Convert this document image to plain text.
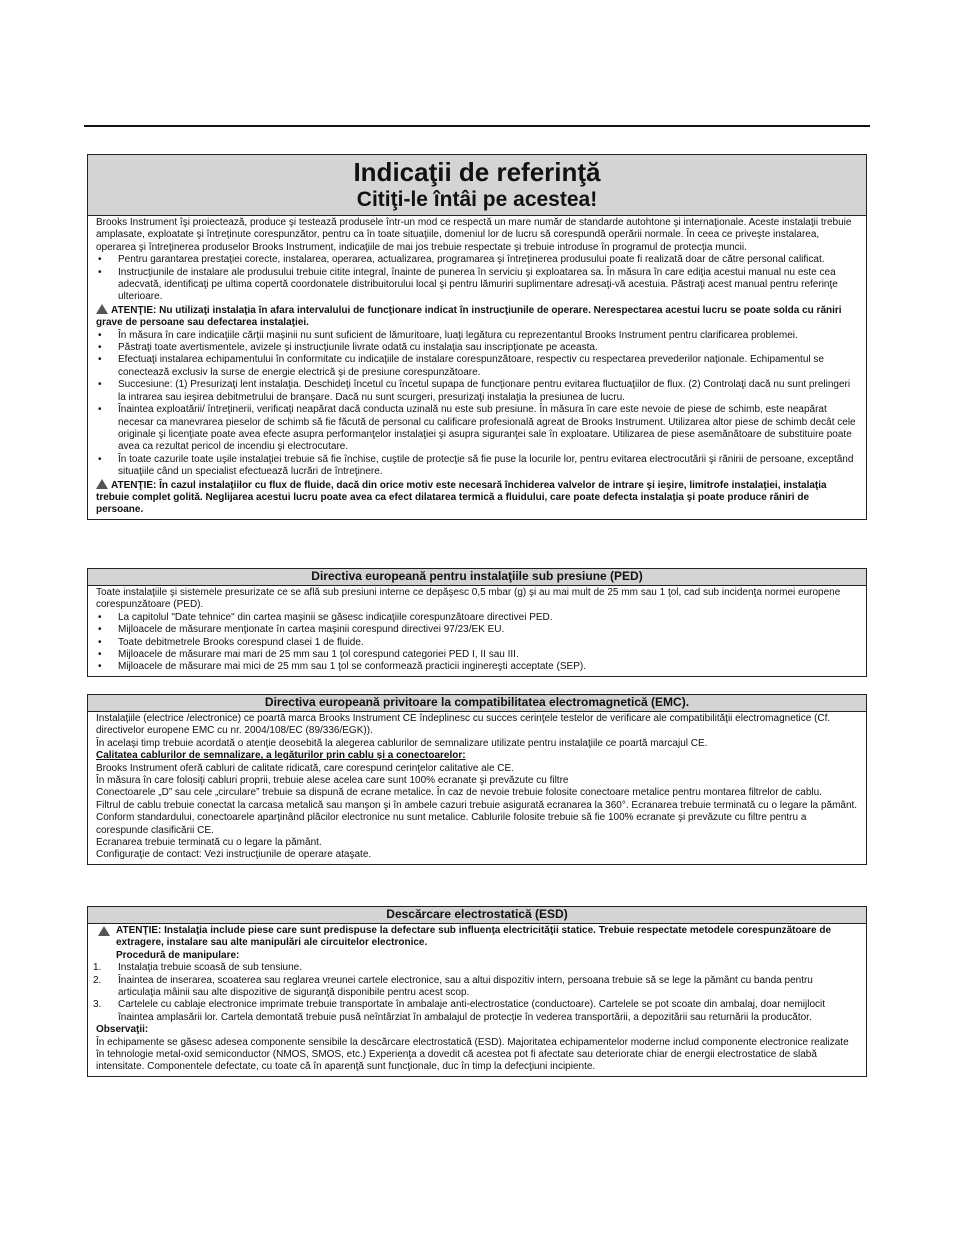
Indicaţii de referinţă
Citiţi-le întâi pe acestea!

Brooks Instrument îşi proiectează, produce şi testează produsele într-un mod ce respectă un mare număr de standarde autohtone şi internaţionale. Aceste instalaţii trebuie amplasate, exploatate şi întreţinute corespunzător, pentru ca în toate situaţiile, domeniul lor de lucru să corespundă operării normale. În ceea ce priveşte instalarea, operarea şi întreţinerea produselor Brooks Instrument, indicaţiile de mai jos trebuie respectate şi trebuie introduse în programul de protecţia muncii.

• Pentru garantarea prestaţiei corecte, instalarea, operarea, actualizarea, programarea şi întreţinerea produsului poate fi realizată doar de către personal calificat.
• Instrucţiunile de instalare ale produsului trebuie citite integral, înainte de punerea în serviciu şi exploatarea sa. În măsura în care ediţia acestui manual nu este cea adecvată, identificaţi pe ultima copertă coordonatele distribuitorului local şi pentru lămuriri suplimentare adresaţi-vă acestuia. Păstraţi acest manual pentru referinţe ulterioare.

ATENŢIE: Nu utilizaţi instalaţia în afara intervalului de funcţionare indicat în instrucţiunile de operare. Nerespectarea acestui lucru se poate solda cu răniri grave de persoane sau defectarea instalaţiei.

• În măsura în care indicaţiile cărţii maşinii nu sunt suficient de lămuritoare, luaţi legătura cu reprezentantul Brooks Instrument pentru clarificarea problemei.
• Păstraţi toate avertismentele, avizele şi instrucţiunile livrate odată cu instalaţia sau inscripţionate pe aceasta.
• Efectuaţi instalarea echipamentului în conformitate cu indicaţiile de instalare corespunzătoare, respectiv cu respectarea prevederilor naţionale. Echipamentul se conectează exclusiv la surse de energie electrică şi de presiune corespunzătoare.
• Succesiune: (1) Presurizaţi lent instalaţia. Deschideţi încetul cu încetul supapa de funcţionare pentru evitarea fluctuaţiilor de flux. (2) Controlaţi dacă nu sunt prelingeri la intrarea sau ieşirea debitmetrului de branşare. Dacă nu sunt scurgeri, presurizaţi instalaţia la presiunea de lucru.
• Înaintea exploatării/ întreţinerii, verificaţi neapărat dacă conducta uzinală nu este sub presiune. În măsura în care este nevoie de piese de schimb, este neapărat necesar ca manevrarea pieselor de schimb să fie făcută de personal cu calificare profesională agreat de Brooks Instrument. Utilizarea altor piese de schimb decât cele originale şi licenţiate poate avea efecte asupra performanţelor instalaţiei şi asupra siguranţei sale în exploatare. Utilizarea de piese asemănătoare de substituire poate avea ca rezultat pericol de incendiu şi electrocutare.
• În toate cazurile toate uşile instalaţiei trebuie să fie închise, cuştile de protecţie să fie puse la locurile lor, pentru evitarea electrocutării şi rănirii de persoane, exceptând situaţiile când un specialist efectuează lucrări de întreţinere.

ATENŢIE: În cazul instalaţiilor cu flux de fluide, dacă din orice motiv este necesară închiderea valvelor de intrare şi ieşire, limitrofe instalaţiei, instalaţia trebuie complet golită. Neglijarea acestui lucru poate avea ca efect dilatarea termică a fluidului, care poate defecta instalaţia şi poate produce răniri de persoane.

Directiva europeană pentru instalaţiile sub presiune (PED)

Toate instalaţiile şi sistemele presurizate ce se află sub presiuni interne ce depăşesc 0,5 mbar (g) şi au mai mult de 25 mm sau 1 ţol, cad sub incidenţa normei europene corespunzătoare (PED).

• La capitolul "Date tehnice" din cartea maşinii se găsesc indicaţiile corespunzătoare directivei PED.
• Mijloacele de măsurare menţionate în cartea maşinii corespund directivei 97/23/EK EU.
• Toate debitmetrele Brooks corespund clasei 1 de fluide.
• Mijloacele de măsurare mai mari de 25 mm sau 1 ţol corespund categoriei PED I, II sau III.
• Mijloacele de măsurare mai mici de 25 mm sau 1 ţol se conformează practicii inginereşti acceptate (SEP).
Directiva europeană privitoare la compatibilitatea electromagnetică (EMC).

Instalaţiile (electrice /electronice) ce poartă marca Brooks Instrument CE îndeplinesc cu succes cerinţele testelor de verificare ale compatibilităţii electromagnetice (Cf. directivelor europene EMC cu nr. 2004/108/EC (89/336/EGK)).

În acelaşi timp trebuie acordată o atenţie deosebită la alegerea cablurilor de semnalizare utilizate pentru instalaţiile ce poartă marcajul CE.

Calitatea cablurilor de semnalizare, a legăturilor prin cablu şi a conectoarelor:

Brooks Instrument oferă cabluri de calitate ridicată, care corespund cerinţelor calitative ale CE.

În măsura în care folosiţi cabluri proprii, trebuie alese acelea care sunt 100% ecranate şi prevăzute cu filtre

Conectoarele „D” sau cele „circulare” trebuie sa dispună de ecrane metalice. În caz de nevoie trebuie folosite conectoare metalice pentru montarea filtrelor de cablu.

Filtrul de cablu trebuie conectat la carcasa metalică sau manşon şi în ambele cazuri trebuie asigurată ecranarea la 360°. Ecranarea trebuie terminată cu o legare la pământ.

Conform standardului, conectoarele aparţinând plăcilor electronice nu sunt metalice. Cablurile folosite trebuie să fie 100% ecranate şi prevăzute cu filtre pentru a corespunde clasificării CE.

Ecranarea trebuie terminată cu o legare la pământ.

Configuraţie de contact: Vezi instrucţiunile de operare ataşate.

Descărcare electrostatică (ESD)

ATENŢIE: Instalaţia include piese care sunt predispuse la defectare sub influenţa electricităţii statice. Trebuie respectate metodele corespunzătoare de extragere, instalare sau alte manipulări ale circuitelor electronice.

Procedură de manipulare:

1. Instalaţia trebuie scoasă de sub tensiune.
2. Înaintea de inserarea, scoaterea sau reglarea vreunei cartele electronice, sau a altui dispozitiv intern, persoana trebuie să se lege la pământ cu banda pentru articulaţia mâinii sau alte dispozitive de siguranţă disponibile pentru acest scop.
3. Cartelele cu cablaje electronice imprimate trebuie transportate în ambalaje anti-electrostatice (conductoare). Cartelele se pot scoate din ambalaj, doar nemijlocit înaintea amplasării lor. Cartela demontată trebuie pusă neîntârziat în ambalajul de protecţie în vederea transportării, a depozitării sau returnării la producător.

Observaţii:

În echipamente se găsesc adesea componente sensibile la descărcare electrostatică (ESD). Majoritatea echipamentelor moderne includ componente electronice realizate în tehnologie metal-oxid semiconductor (NMOS, SMOS, etc.) Experienţa a dovedit că acestea pot fi afectate sau deteriorate chiar de energii electrostatice de slabă intensitate. Componentele defectate, cu toate că în aparenţă sunt funcţionale, duc în timp la defecţiuni incipiente.
